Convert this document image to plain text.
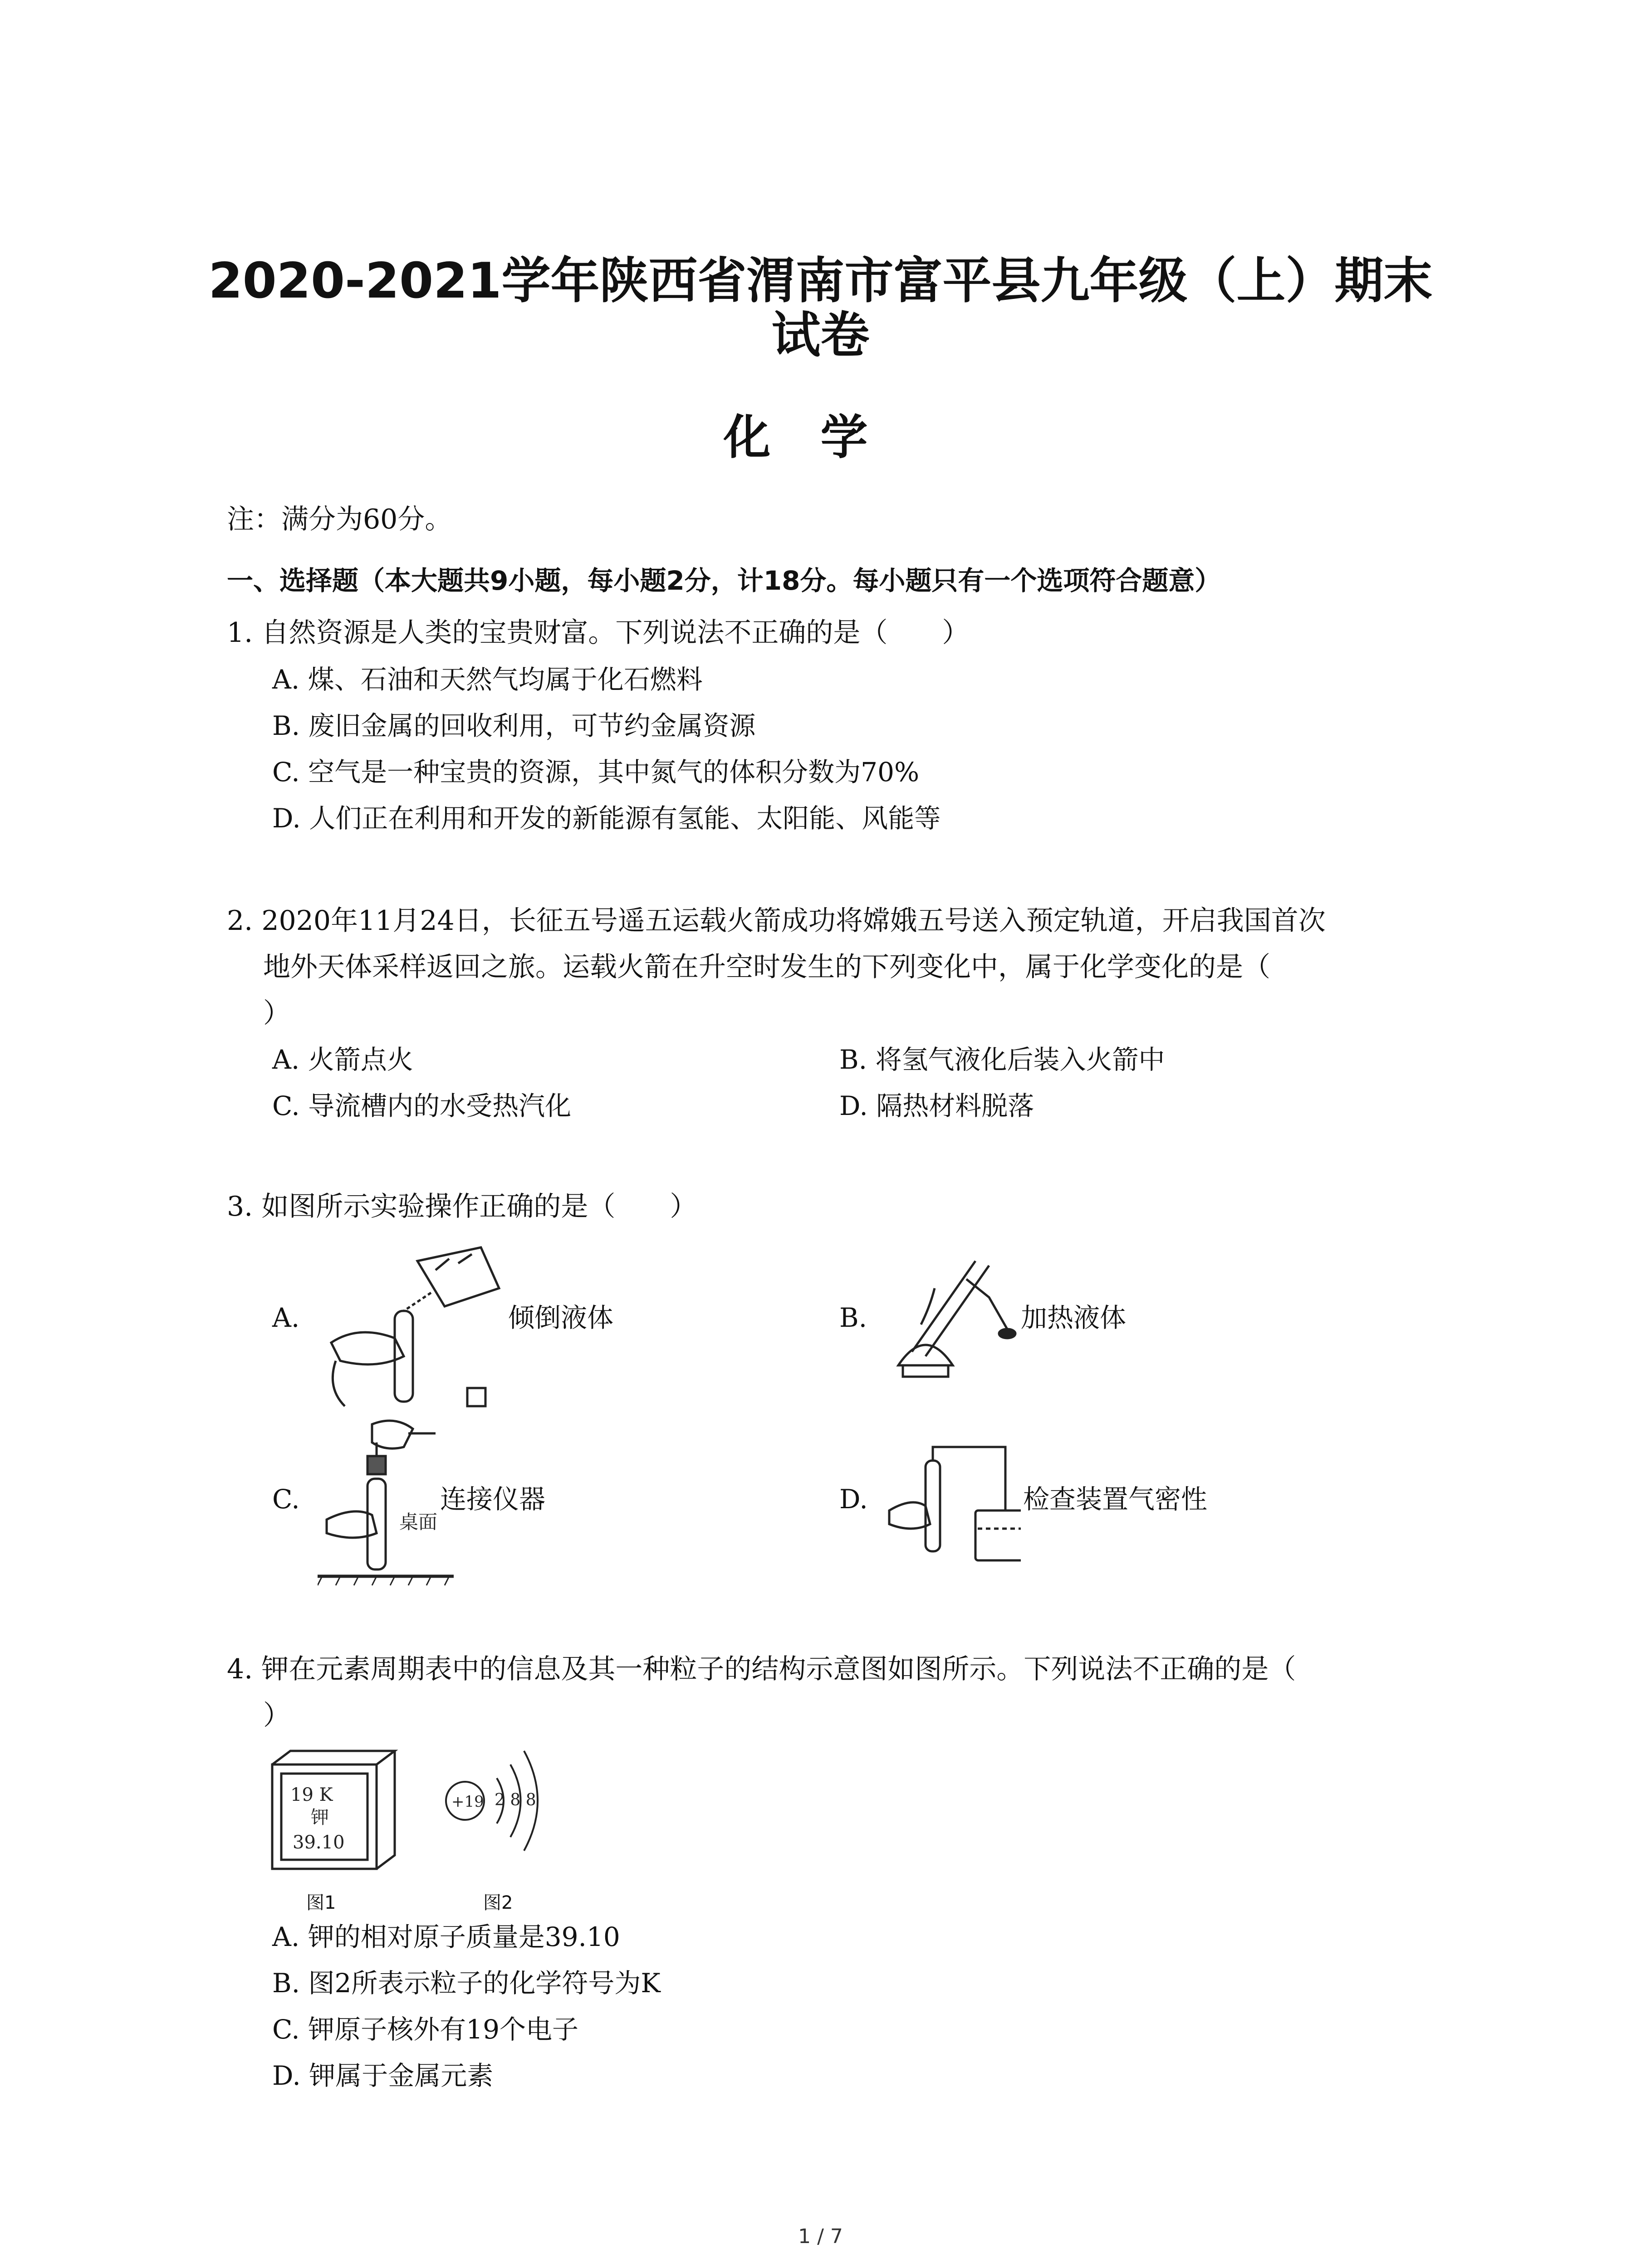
2020-2021学年陕西省渭南市富平县九年级（上）期末
试卷
化学
注：满分为60分。
一、选择题（本大题共9小题，每小题2分，计18分。每小题只有一个选项符合题意）
1. 自然资源是人类的宝贵财富。下列说法不正确的是（　　）
A. 煤、石油和天然气均属于化石燃料
B. 废旧金属的回收利用，可节约金属资源
C. 空气是一种宝贵的资源，其中氮气的体积分数为70%
D. 人们正在利用和开发的新能源有氢能、太阳能、风能等
2. 2020年11月24日，长征五号遥五运载火箭成功将嫦娥五号送入预定轨道，开启我国首次
地外天体采样返回之旅。运载火箭在升空时发生的下列变化中，属于化学变化的是（
）
A. 火箭点火	B. 将氢气液化后装入火箭中
C. 导流槽内的水受热汽化	D. 隔热材料脱落
3. 如图所示实验操作正确的是（　　）
A.	倾倒液体	B.	加热液体
C.
桌面
连接仪器	D.	检查装置气密性
4. 钾在元素周期表中的信息及其一种粒子的结构示意图如图所示。下列说法不正确的是（
）
19 K
钾
39.10
+19 2 8 8
图1	图2
A. 钾的相对原子质量是39.10
B. 图2所表示粒子的化学符号为K
C. 钾原子核外有19个电子
D. 钾属于金属元素
1 / 7
